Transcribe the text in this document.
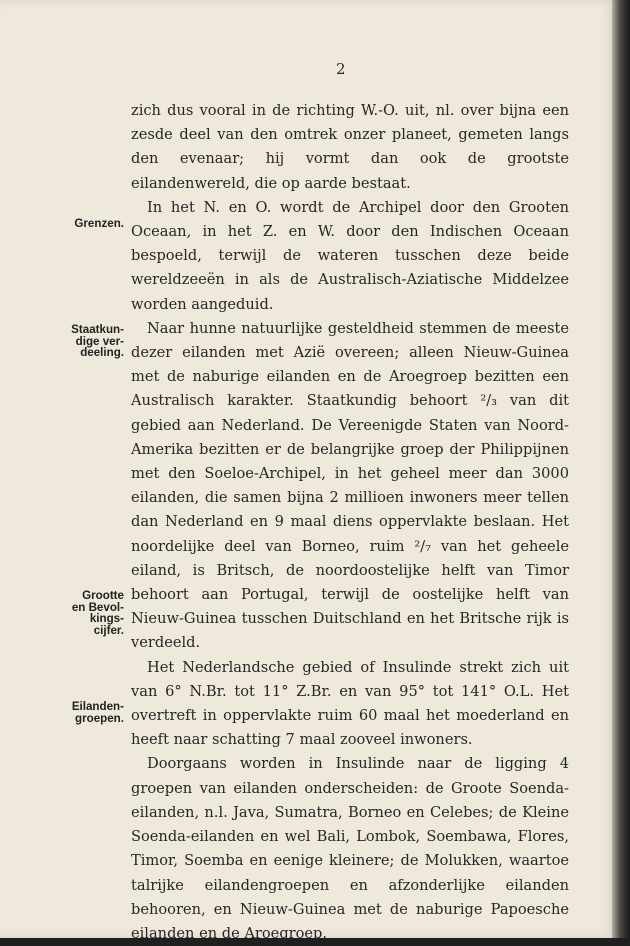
2
Grenzen.
Staatkun-
dige ver-
deeling.
Grootte
en Bevol-
kings-
cijfer.
Eilanden-
groepen.

zich dus vooral in de richting W.-O. uit, nl. over bijna een zesde deel van den omtrek onzer planeet, gemeten langs den evenaar; hij vormt dan ook de grootste eilandenwereld, die op aarde bestaat.

In het N. en O. wordt de Archipel door den Grooten Oceaan, in het Z. en W. door den Indischen Oceaan bespoeld, terwijl de wateren tusschen deze beide wereldzeeën in als de Australisch-Aziatische Middelzee worden aangeduid.

Naar hunne natuurlijke gesteldheid stemmen de meeste dezer eilanden met Azië overeen; alleen Nieuw-Guinea met de naburige eilanden en de Aroegroep bezitten een Australisch karakter. Staatkundig behoort ²/₃ van dit gebied aan Nederland. De Vereenigde Staten van Noord-Amerika bezitten er de belangrijke groep der Philippijnen met den Soeloe-Archipel, in het geheel meer dan 3000 eilanden, die samen bijna 2 millioen inwoners meer tellen dan Nederland en 9 maal diens oppervlakte beslaan. Het noordelijke deel van Borneo, ruim ²/₇ van het geheele eiland, is Britsch, de noordoostelijke helft van Timor behoort aan Portugal, terwijl de oostelijke helft van Nieuw-Guinea tusschen Duitschland en het Britsche rijk is verdeeld.

Het Nederlandsche gebied of Insulinde strekt zich uit van 6° N.Br. tot 11° Z.Br. en van 95° tot 141° O.L. Het overtreft in oppervlakte ruim 60 maal het moederland en heeft naar schatting 7 maal zooveel inwoners.

Doorgaans worden in Insulinde naar de ligging 4 groepen van eilanden onderscheiden: de Groote Soenda-eilanden, n.l. Java, Sumatra, Borneo en Celebes; de Kleine Soenda-eilanden en wel Bali, Lombok, Soembawa, Flores, Timor, Soemba en eenige kleinere; de Molukken, waartoe talrijke eilandengroepen en afzonderlijke eilanden behooren, en Nieuw-Guinea met de naburige Papoesche eilanden en de Aroegroep.
